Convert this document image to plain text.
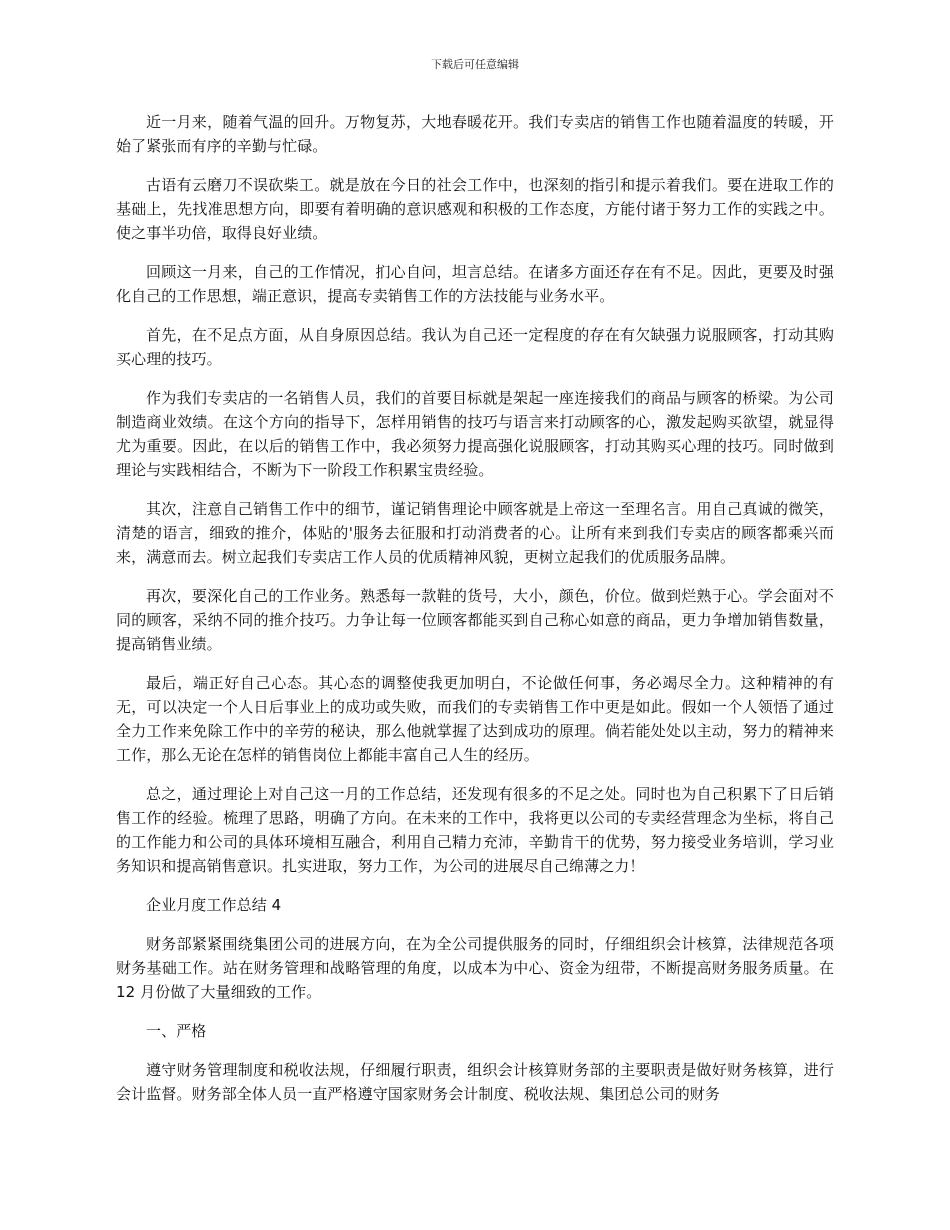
下载后可任意编辑

近一月来，随着气温的回升。万物复苏，大地春暖花开。我们专卖店的销售工作也随着温度的转暖，开始了紧张而有序的辛勤与忙碌。

古语有云磨刀不误砍柴工。就是放在今日的社会工作中，也深刻的指引和提示着我们。要在进取工作的基础上，先找准思想方向，即要有着明确的意识感观和积极的工作态度，方能付诸于努力工作的实践之中。使之事半功倍，取得良好业绩。

回顾这一月来，自己的工作情况，扪心自问，坦言总结。在诸多方面还存在有不足。因此，更要及时强化自己的工作思想，端正意识，提高专卖销售工作的方法技能与业务水平。

首先，在不足点方面，从自身原因总结。我认为自己还一定程度的存在有欠缺强力说服顾客，打动其购买心理的技巧。

作为我们专卖店的一名销售人员，我们的首要目标就是架起一座连接我们的商品与顾客的桥梁。为公司制造商业效绩。在这个方向的指导下，怎样用销售的技巧与语言来打动顾客的心，激发起购买欲望，就显得尤为重要。因此，在以后的销售工作中，我必须努力提高强化说服顾客，打动其购买心理的技巧。同时做到理论与实践相结合，不断为下一阶段工作积累宝贵经验。

其次，注意自己销售工作中的细节，谨记销售理论中顾客就是上帝这一至理名言。用自己真诚的微笑，清楚的语言，细致的推介，体贴的'服务去征服和打动消费者的心。让所有来到我们专卖店的顾客都乘兴而来，满意而去。树立起我们专卖店工作人员的优质精神风貌，更树立起我们的优质服务品牌。

再次，要深化自己的工作业务。熟悉每一款鞋的货号，大小，颜色，价位。做到烂熟于心。学会面对不同的顾客，采纳不同的推介技巧。力争让每一位顾客都能买到自己称心如意的商品，更力争增加销售数量，提高销售业绩。

最后，端正好自己心态。其心态的调整使我更加明白，不论做任何事，务必竭尽全力。这种精神的有无，可以决定一个人日后事业上的成功或失败，而我们的专卖销售工作中更是如此。假如一个人领悟了通过全力工作来免除工作中的辛劳的秘诀，那么他就掌握了达到成功的原理。倘若能处处以主动，努力的精神来工作，那么无论在怎样的销售岗位上都能丰富自己人生的经历。

总之，通过理论上对自己这一月的工作总结，还发现有很多的不足之处。同时也为自己积累下了日后销售工作的经验。梳理了思路，明确了方向。在未来的工作中，我将更以公司的专卖经营理念为坐标，将自己的工作能力和公司的具体环境相互融合，利用自己精力充沛，辛勤肯干的优势，努力接受业务培训，学习业务知识和提高销售意识。扎实进取，努力工作，为公司的进展尽自己绵薄之力！

企业月度工作总结 4

财务部紧紧围绕集团公司的进展方向，在为全公司提供服务的同时，仔细组织会计核算，法律规范各项财务基础工作。站在财务管理和战略管理的角度，以成本为中心、资金为纽带，不断提高财务服务质量。在 12 月份做了大量细致的工作。

一、严格

遵守财务管理制度和税收法规，仔细履行职责，组织会计核算财务部的主要职责是做好财务核算，进行会计监督。财务部全体人员一直严格遵守国家财务会计制度、税收法规、集团总公司的财务
